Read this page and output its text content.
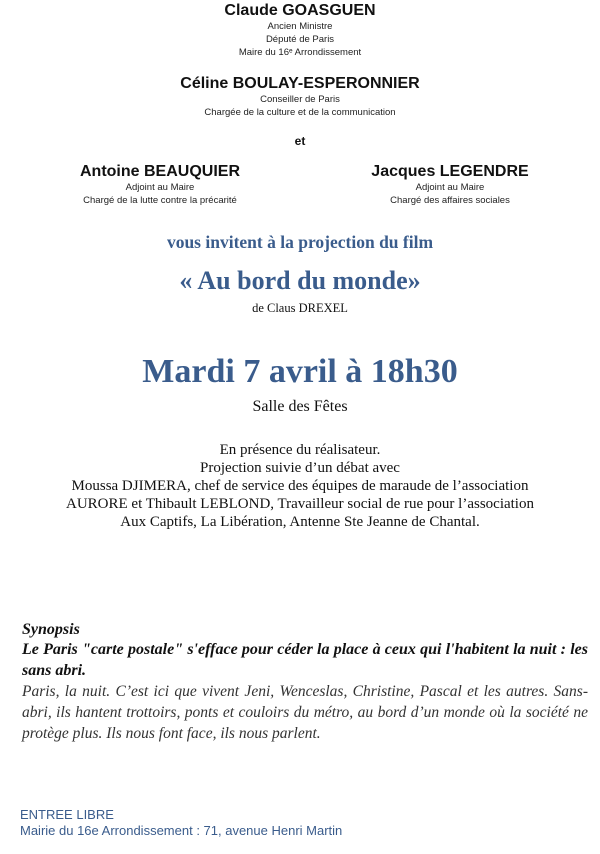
Claude GOASGUEN
Ancien Ministre
Député de Paris
Maire du 16ᵉ Arrondissement
Céline BOULAY-ESPERONNIER
Conseiller de Paris
Chargée de la culture et de la communication
et
Antoine BEAUQUIER
Adjoint au Maire
Chargé de la lutte contre la précarité
Jacques LEGENDRE
Adjoint au Maire
Chargé des affaires sociales
vous invitent à la projection du film
« Au bord du monde»
de Claus DREXEL
Mardi 7 avril à 18h30
Salle des Fêtes
En présence du réalisateur.
Projection suivie d’un débat avec
Moussa DJIMERA, chef de service des équipes de maraude de l’association
AURORE et Thibault LEBLOND, Travailleur social de rue pour l’association
Aux Captifs, La Libération, Antenne Ste Jeanne de Chantal.
Synopsis
Le Paris "carte postale" s'efface pour céder la place à ceux qui l'habitent la nuit : les sans abri.
Paris, la nuit. C’est ici que vivent Jeni, Wenceslas, Christine, Pascal et les autres. Sans-abri, ils hantent trottoirs, ponts et couloirs du métro, au bord d’un monde où la société ne protège plus. Ils nous font face, ils nous parlent.
ENTREE LIBRE
Mairie du 16e Arrondissement : 71, avenue Henri Martin
